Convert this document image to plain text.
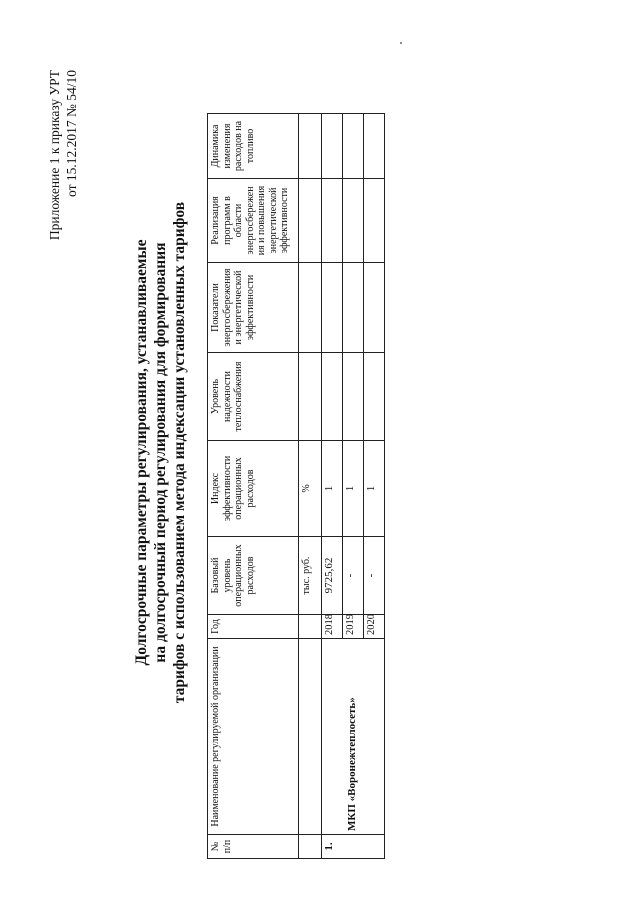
Приложение 1 к приказу УРТ от 15.12.2017 № 54/10
Долгосрочные параметры регулирования, устанавливаемые на долгосрочный период регулирования для формирования тарифов с использованием метода индексации установленных тарифов
№ п/п	Наименование регулируемой организации	Год	Базовый уровень операционных расходов	Индекс эффективности операционных расходов	Уровень надежности теплоснабжения	Показатели энергосбережения и энергетической эффективности	Реализация программ в области энергосбережен ия и повышения энергетической эффективности	Динамика изменения расходов на топливо
			тыс. руб.	%				
1.	МКП «Воронежтеплосеть»	2018	9725,62	1				
		2019	-	1				
		2020	-	1				
